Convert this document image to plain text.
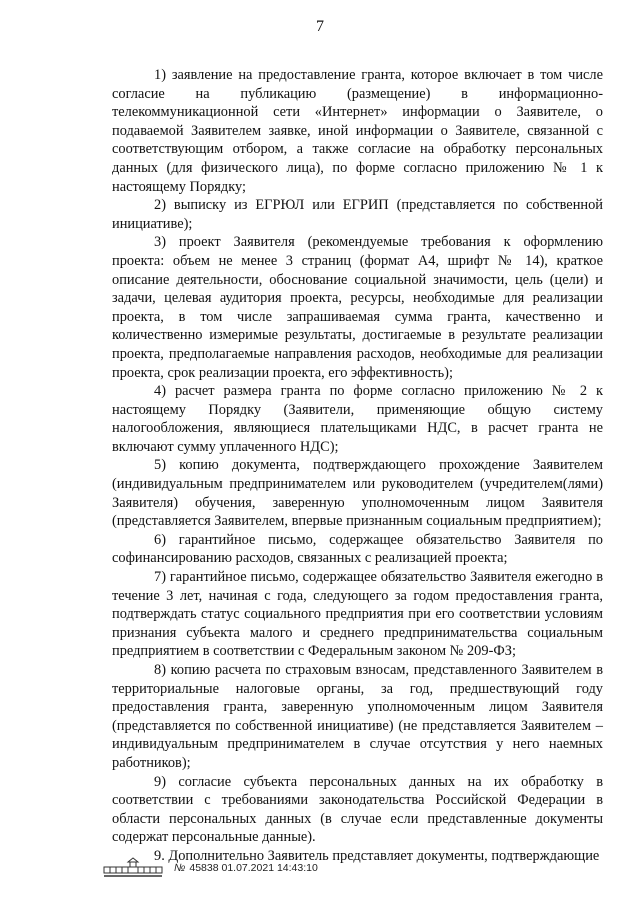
7

1) заявление на предоставление гранта, которое включает в том числе согласие на публикацию (размещение) в информационно-телекоммуникационной сети «Интернет» информации о Заявителе, о подаваемой Заявителем заявке, иной информации о Заявителе, связанной с соответствующим отбором, а также согласие на обработку персональных данных (для физического лица), по форме согласно приложению № 1 к настоящему Порядку;

2) выписку из ЕГРЮЛ или ЕГРИП (представляется по собственной инициативе);

3) проект Заявителя (рекомендуемые требования к оформлению проекта: объем не менее 3 страниц (формат А4, шрифт № 14), краткое описание деятельности, обоснование социальной значимости, цель (цели) и задачи, целевая аудитория проекта, ресурсы, необходимые для реализации проекта, в том числе запрашиваемая сумма гранта, качественно и количественно измеримые результаты, достигаемые в результате реализации проекта, предполагаемые направления расходов, необходимые для реализации проекта, срок реализации проекта, его эффективность);

4) расчет размера гранта по форме согласно приложению № 2 к настоящему Порядку (Заявители, применяющие общую систему налогообложения, являющиеся плательщиками НДС, в расчет гранта не включают сумму уплаченного НДС);

5) копию документа, подтверждающего прохождение Заявителем (индивидуальным предпринимателем или руководителем (учредителем(лями) Заявителя) обучения, заверенную уполномоченным лицом Заявителя (представляется Заявителем, впервые признанным социальным предприятием);

6) гарантийное письмо, содержащее обязательство Заявителя по софинансированию расходов, связанных с реализацией проекта;

7) гарантийное письмо, содержащее обязательство Заявителя ежегодно в течение 3 лет, начиная с года, следующего за годом предоставления гранта, подтверждать статус социального предприятия при его соответствии условиям признания субъекта малого и среднего предпринимательства социальным предприятием в соответствии с Федеральным законом № 209-ФЗ;

8) копию расчета по страховым взносам, представленного Заявителем в территориальные налоговые органы, за год, предшествующий году предоставления гранта, заверенную уполномоченным лицом Заявителя (представляется по собственной инициативе) (не представляется Заявителем – индивидуальным предпринимателем в случае отсутствия у него наемных работников);

9) согласие субъекта персональных данных на их обработку в соответствии с требованиями законодательства Российской Федерации в области персональных данных (в случае если представленные документы содержат персональные данные).

9. Дополнительно Заявитель представляет документы, подтверждающие

№ 45838 01.07.2021 14:43:10
